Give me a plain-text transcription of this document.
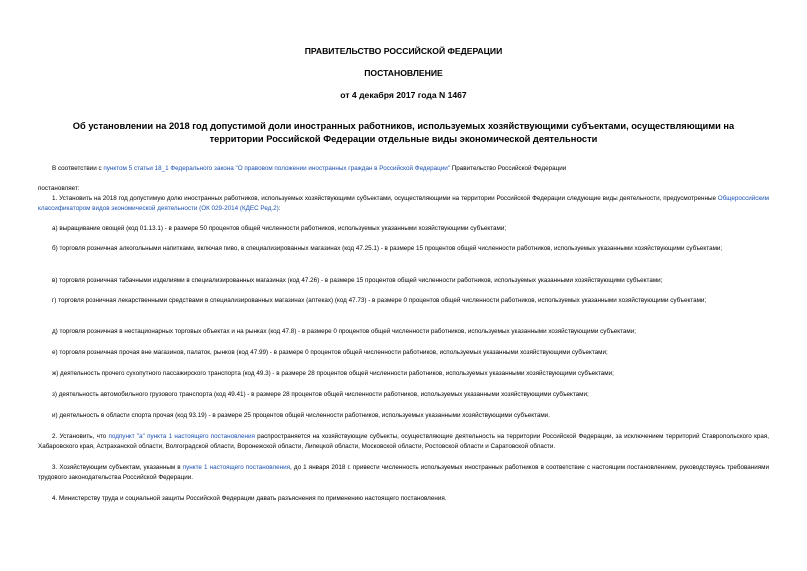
ПРАВИТЕЛЬСТВО РОССИЙСКОЙ ФЕДЕРАЦИИ
ПОСТАНОВЛЕНИЕ
от 4 декабря 2017 года N 1467
Об установлении на 2018 год допустимой доли иностранных работников, используемых хозяйствующими субъектами, осуществляющими на территории Российской Федерации отдельные виды экономической деятельности
В соответствии с пунктом 5 статьи 18_1 Федерального закона "О правовом положении иностранных граждан в Российской Федерации" Правительство Российской Федерации
постановляет:
1. Установить на 2018 год допустимую долю иностранных работников, используемых хозяйствующими субъектами, осуществляющими на территории Российской Федерации следующие виды деятельности, предусмотренные Общероссийским классификатором видов экономической деятельности (ОК 029-2014 (КДЕС Ред.2):
а) выращивание овощей (код 01.13.1) - в размере 50 процентов общей численности работников, используемых указанными хозяйствующими субъектами;
б) торговля розничная алкогольными напитками, включая пиво, в специализированных магазинах (код 47.25.1) - в размере 15 процентов общей численности работников, используемых указанными хозяйствующими субъектами;
в) торговля розничная табачными изделиями в специализированных магазинах (код 47.26) - в размере 15 процентов общей численности работников, используемых указанными хозяйствующими субъектами;
г) торговля розничная лекарственными средствами в специализированных магазинах (аптеках) (код 47.73) - в размере 0 процентов общей численности работников, используемых указанными хозяйствующими субъектами;
д) торговля розничная в нестационарных торговых объектах и на рынках (код 47.8) - в размере 0 процентов общей численности работников, используемых указанными хозяйствующими субъектами;
е) торговля розничная прочая вне магазинов, палаток, рынков (код 47.99) - в размере 0 процентов общей численности работников, используемых указанными хозяйствующими субъектами;
ж) деятельность прочего сухопутного пассажирского транспорта (код 49.3) - в размере 28 процентов общей численности работников, используемых указанными хозяйствующими субъектами;
з) деятельность автомобильного грузового транспорта (код 49.41) - в размере 28 процентов общей численности работников, используемых указанными хозяйствующими субъектами;
и) деятельность в области спорта прочая (код 93.19) - в размере 25 процентов общей численности работников, используемых указанными хозяйствующими субъектами.
2. Установить, что подпункт "а" пункта 1 настоящего постановления распространяется на хозяйствующие субъекты, осуществляющие деятельность на территории Российской Федерации, за исключением территорий Ставропольского края, Хабаровского края, Астраханской области, Волгоградской области, Воронежской области, Липецкой области, Московской области, Ростовской области и Саратовской области.
3. Хозяйствующим субъектам, указанным в пункте 1 настоящего постановления, до 1 января 2018 г. привести численность используемых иностранных работников в соответствие с настоящим постановлением, руководствуясь требованиями трудового законодательства Российской Федерации.
4. Министерству труда и социальной защиты Российской Федерации давать разъяснения по применению настоящего постановления.
